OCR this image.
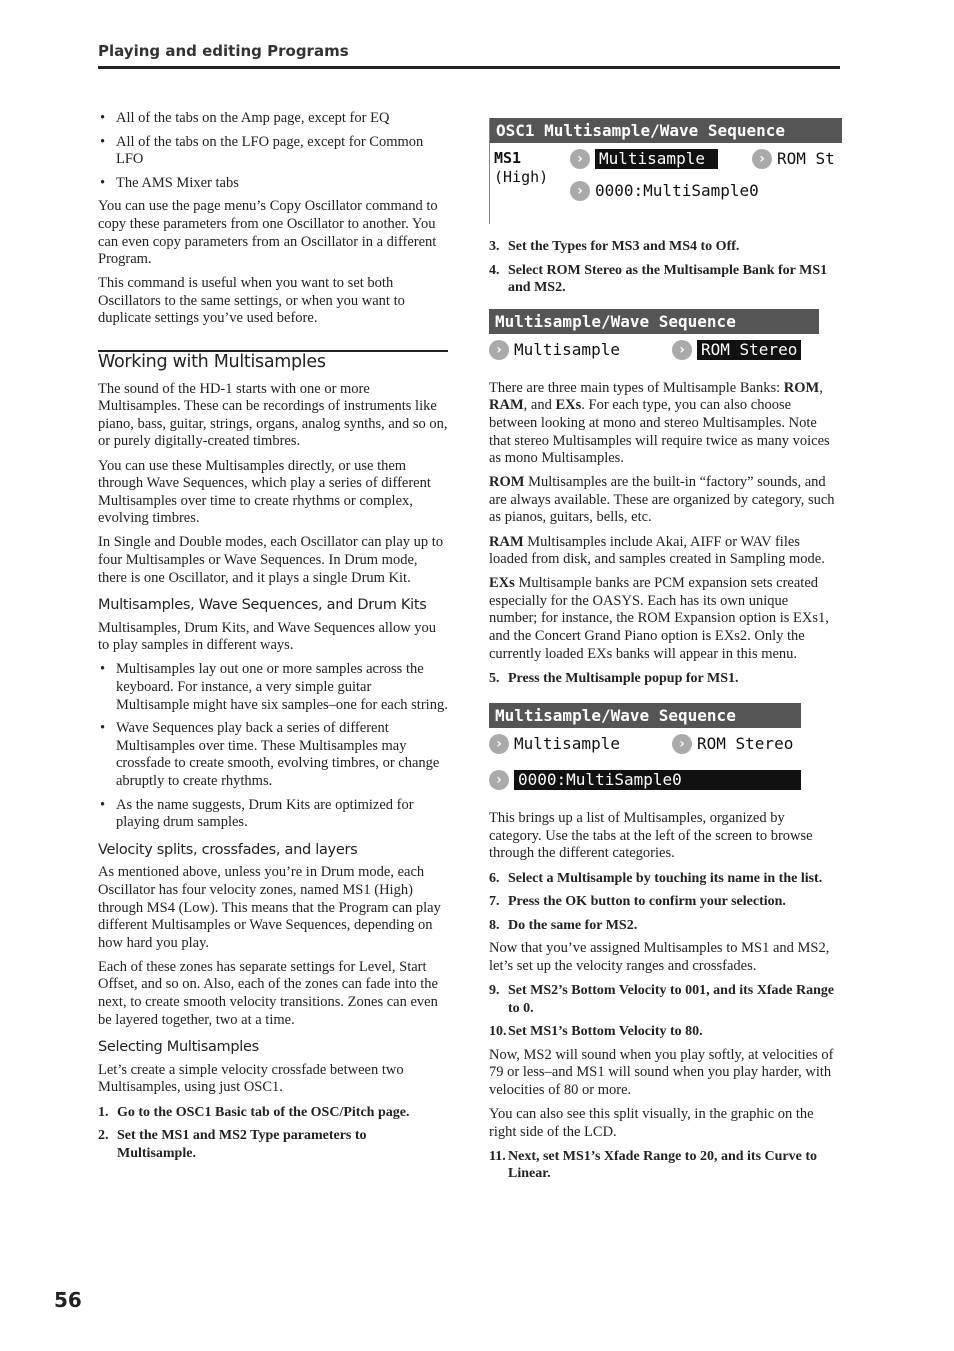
Playing and editing Programs
• All of the tabs on the Amp page, except for EQ
• All of the tabs on the LFO page, except for Common LFO
• The AMS Mixer tabs

You can use the page menu’s Copy Oscillator command to copy these parameters from one Oscillator to another. You can even copy parameters from an Oscillator in a different Program.

This command is useful when you want to set both Oscillators to the same settings, or when you want to duplicate settings you’ve used before.

Working with Multisamples

The sound of the HD-1 starts with one or more Multisamples. These can be recordings of instruments like piano, bass, guitar, strings, organs, analog synths, and so on, or purely digitally-created timbres.

You can use these Multisamples directly, or use them through Wave Sequences, which play a series of different Multisamples over time to create rhythms or complex, evolving timbres.

In Single and Double modes, each Oscillator can play up to four Multisamples or Wave Sequences. In Drum mode, there is one Oscillator, and it plays a single Drum Kit.

Multisamples, Wave Sequences, and Drum Kits

Multisamples, Drum Kits, and Wave Sequences allow you to play samples in different ways.

• Multisamples lay out one or more samples across the keyboard. For instance, a very simple guitar Multisample might have six samples–one for each string.
• Wave Sequences play back a series of different Multisamples over time. These Multisamples may crossfade to create smooth, evolving timbres, or change abruptly to create rhythms.
• As the name suggests, Drum Kits are optimized for playing drum samples.
Velocity splits, crossfades, and layers

As mentioned above, unless you’re in Drum mode, each Oscillator has four velocity zones, named MS1 (High) through MS4 (Low). This means that the Program can play different Multisamples or Wave Sequences, depending on how hard you play.

Each of these zones has separate settings for Level, Start Offset, and so on. Also, each of the zones can fade into the next, to create smooth velocity transitions. Zones can even be layered together, two at a time.

Selecting Multisamples

Let’s create a simple velocity crossfade between two Multisamples, using just OSC1.

1. Go to the OSC1 Basic tab of the OSC/Pitch page.
2. Set the MS1 and MS2 Type parameters to Multisample.
OSC1 Multisample/Wave Sequence
MS1
(High)
› Multisample	› ROM St
› 0000:MultiSample0
3. Set the Types for MS3 and MS4 to Off.
4. Select ROM Stereo as the Multisample Bank for MS1 and MS2.
Multisample/Wave Sequence
› Multisample	› ROM Stereo

There are three main types of Multisample Banks: ROM, RAM, and EXs. For each type, you can also choose between looking at mono and stereo Multisamples. Note that stereo Multisamples will require twice as many voices as mono Multisamples.

ROM Multisamples are the built-in “factory” sounds, and are always available. These are organized by category, such as pianos, guitars, bells, etc.

RAM Multisamples include Akai, AIFF or WAV files loaded from disk, and samples created in Sampling mode.

EXs Multisample banks are PCM expansion sets created especially for the OASYS. Each has its own unique number; for instance, the ROM Expansion option is EXs1, and the Concert Grand Piano option is EXs2. Only the currently loaded EXs banks will appear in this menu.

5. Press the Multisample popup for MS1.
Multisample/Wave Sequence
› Multisample	› ROM Stereo
› 0000:MultiSample0

This brings up a list of Multisamples, organized by category. Use the tabs at the left of the screen to browse through the different categories.

6. Select a Multisample by touching its name in the list.
7. Press the OK button to confirm your selection.
8. Do the same for MS2.

Now that you’ve assigned Multisamples to MS1 and MS2, let’s set up the velocity ranges and crossfades.

9. Set MS2’s Bottom Velocity to 001, and its Xfade Range to 0.
10. Set MS1’s Bottom Velocity to 80.

Now, MS2 will sound when you play softly, at velocities of 79 or less–and MS1 will sound when you play harder, with velocities of 80 or more.

You can also see this split visually, in the graphic on the right side of the LCD.

11. Next, set MS1’s Xfade Range to 20, and its Curve to Linear.
56
